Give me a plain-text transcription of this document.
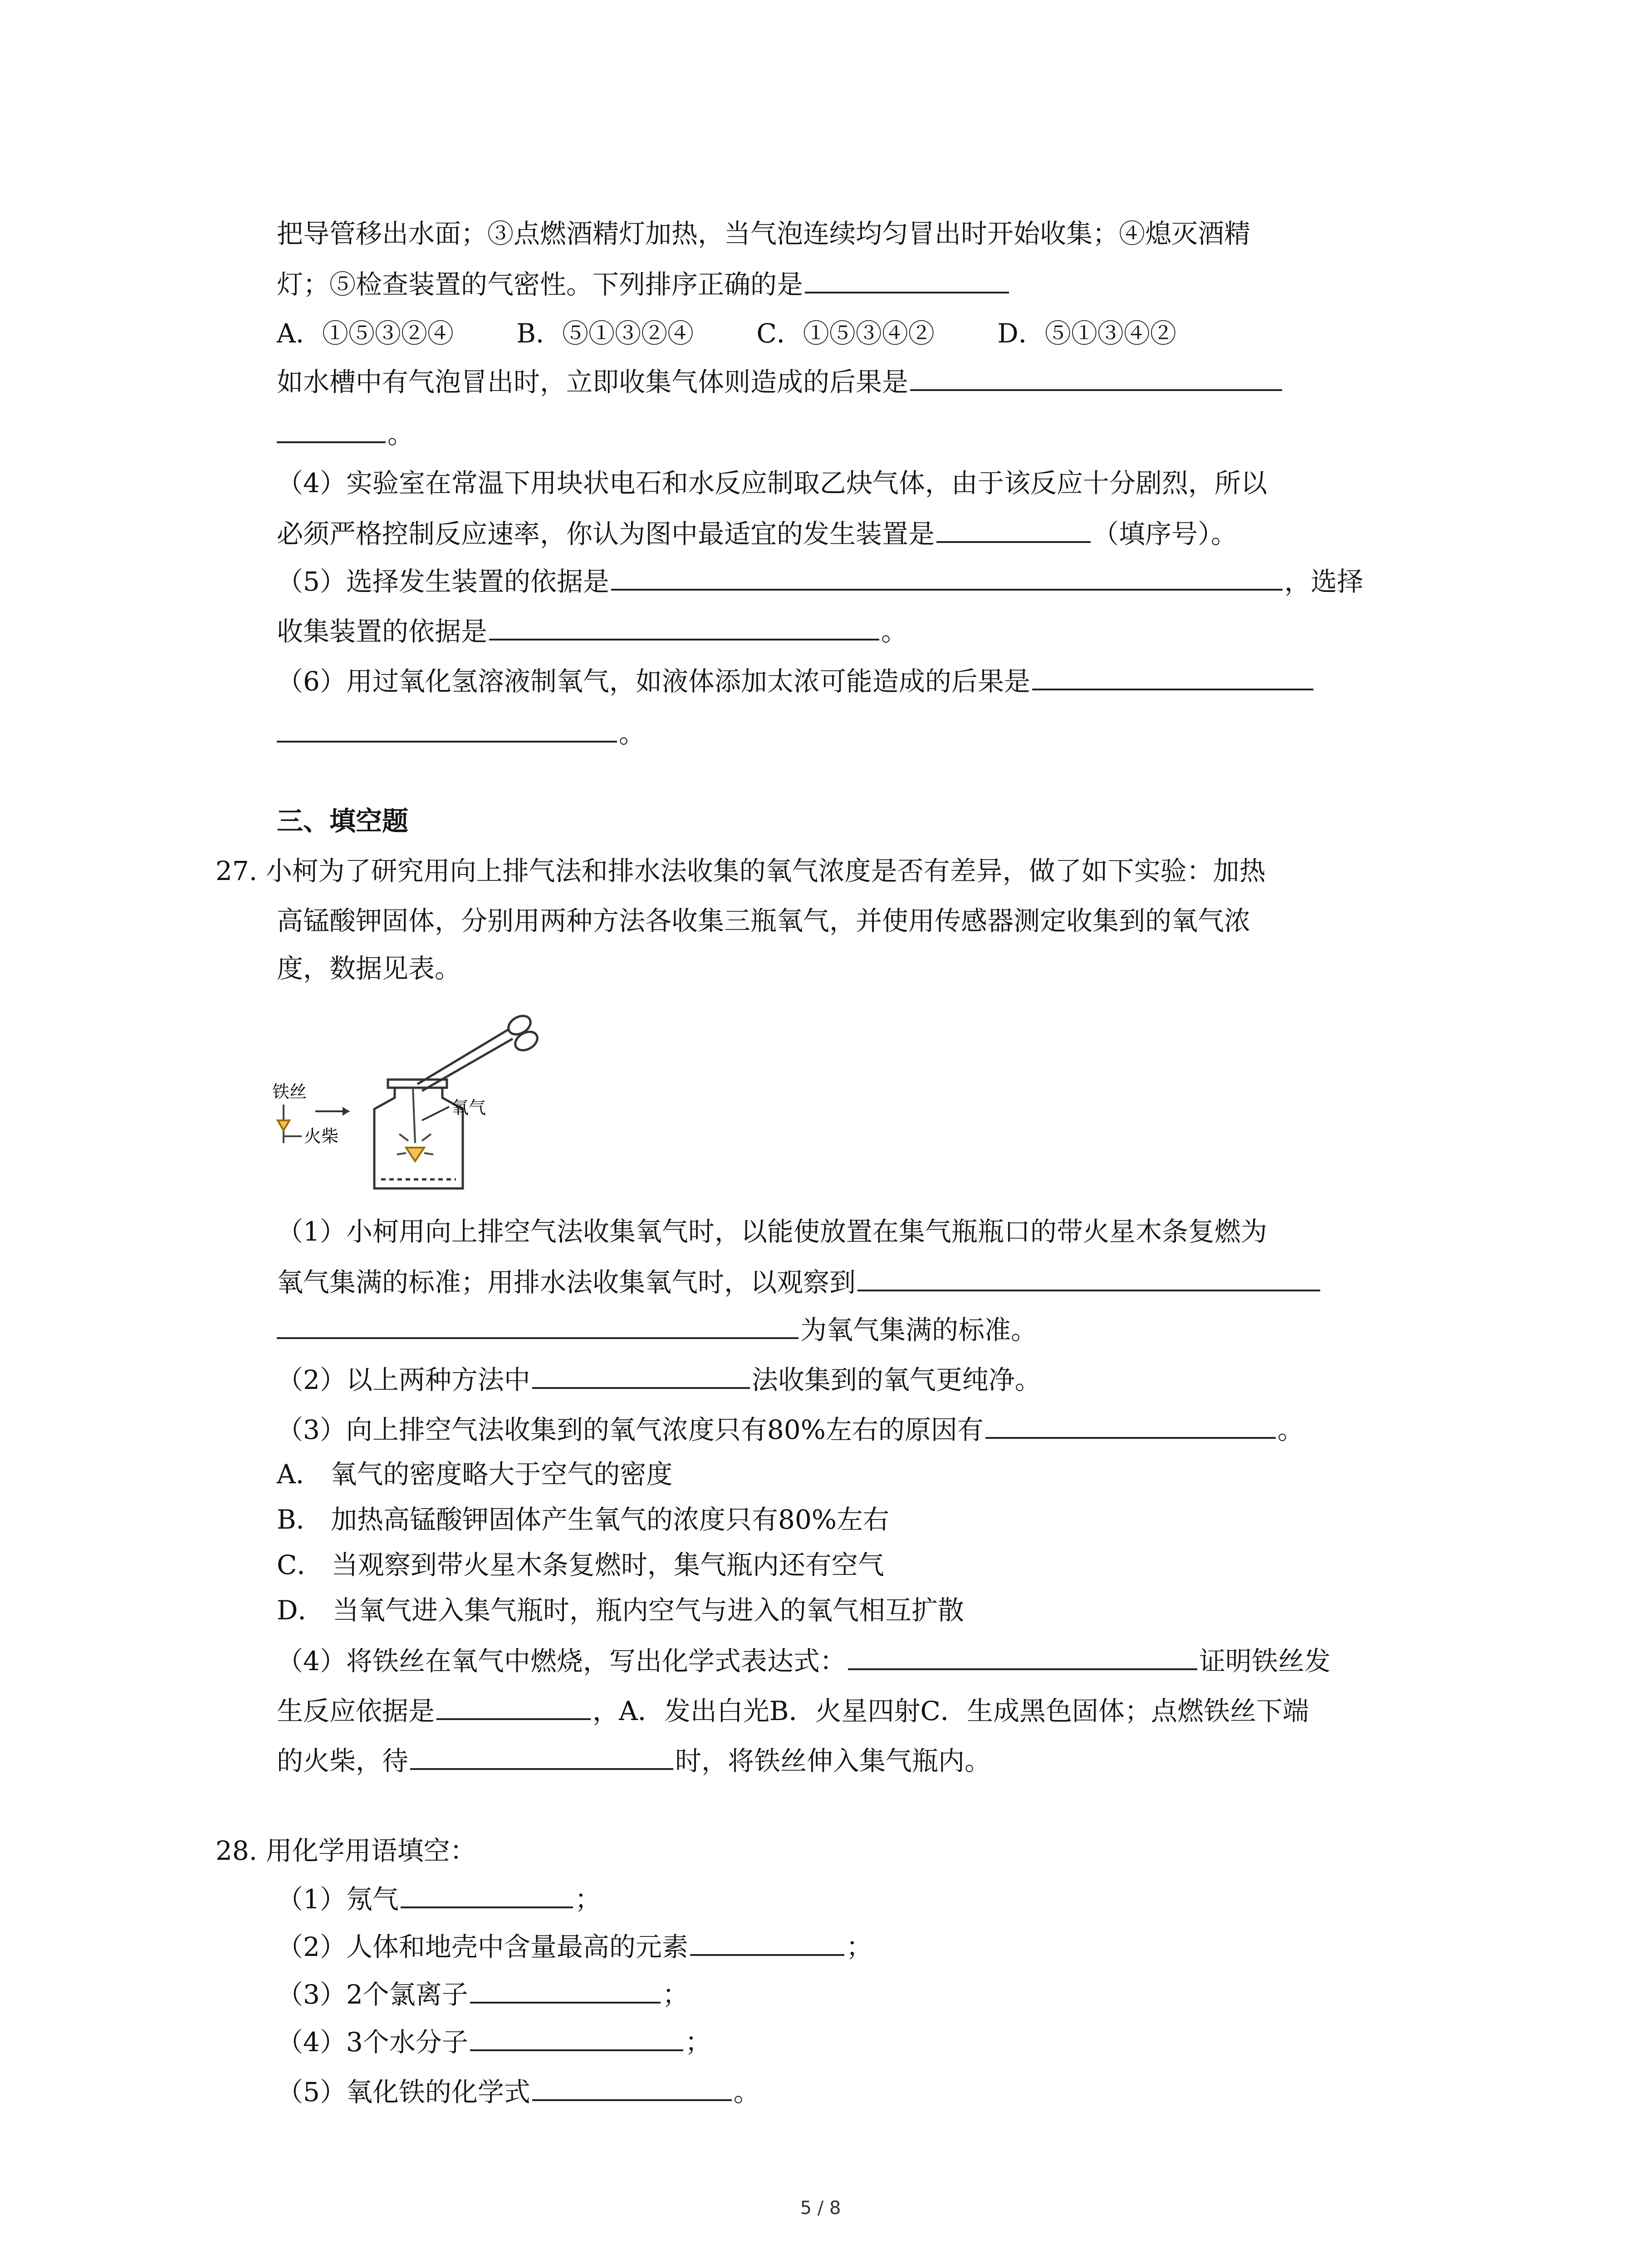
把导管移出水面；③点燃酒精灯加热，当气泡连续均匀冒出时开始收集；④熄灭酒精
灯；⑤检查装置的气密性。下列排序正确的是
A．①⑤③②④ B．⑤①③②④ C．①⑤③④② D．⑤①③④②
如水槽中有气泡冒出时，立即收集气体则造成的后果是
。
（4）实验室在常温下用块状电石和水反应制取乙炔气体，由于该反应十分剧烈，所以
必须严格控制反应速率，你认为图中最适宜的发生装置是	（填序号）。
（5）选择发生装置的依据是	，选择
收集装置的依据是	。
（6）用过氧化氢溶液制氧气，如液体添加太浓可能造成的后果是
。
三、填空题
27. 小柯为了研究用向上排气法和排水法收集的氧气浓度是否有差异，做了如下实验：加热
高锰酸钾固体，分别用两种方法各收集三瓶氧气，并使用传感器测定收集到的氧气浓
度，数据见表。
氧气
铁丝
火柴
（1）小柯用向上排空气法收集氧气时，以能使放置在集气瓶瓶口的带火星木条复燃为
氧气集满的标准；用排水法收集氧气时，以观察到
为氧气集满的标准。
（2）以上两种方法中	法收集到的氧气更纯净。
（3）向上排空气法收集到的氧气浓度只有80%左右的原因有	。
A． 氧气的密度略大于空气的密度
B． 加热高锰酸钾固体产生氧气的浓度只有80%左右
C． 当观察到带火星木条复燃时，集气瓶内还有空气
D． 当氧气进入集气瓶时，瓶内空气与进入的氧气相互扩散
（4）将铁丝在氧气中燃烧，写出化学式表达式：	证明铁丝发
生反应依据是	，A．发出白光B．火星四射C．生成黑色固体；点燃铁丝下端
的火柴，待	时，将铁丝伸入集气瓶内。
28. 用化学用语填空：
（1）氖气	；
（2）人体和地壳中含量最高的元素	；
（3）2个氯离子	；
（4）3个水分子	；
（5）氧化铁的化学式	。
5 / 8
